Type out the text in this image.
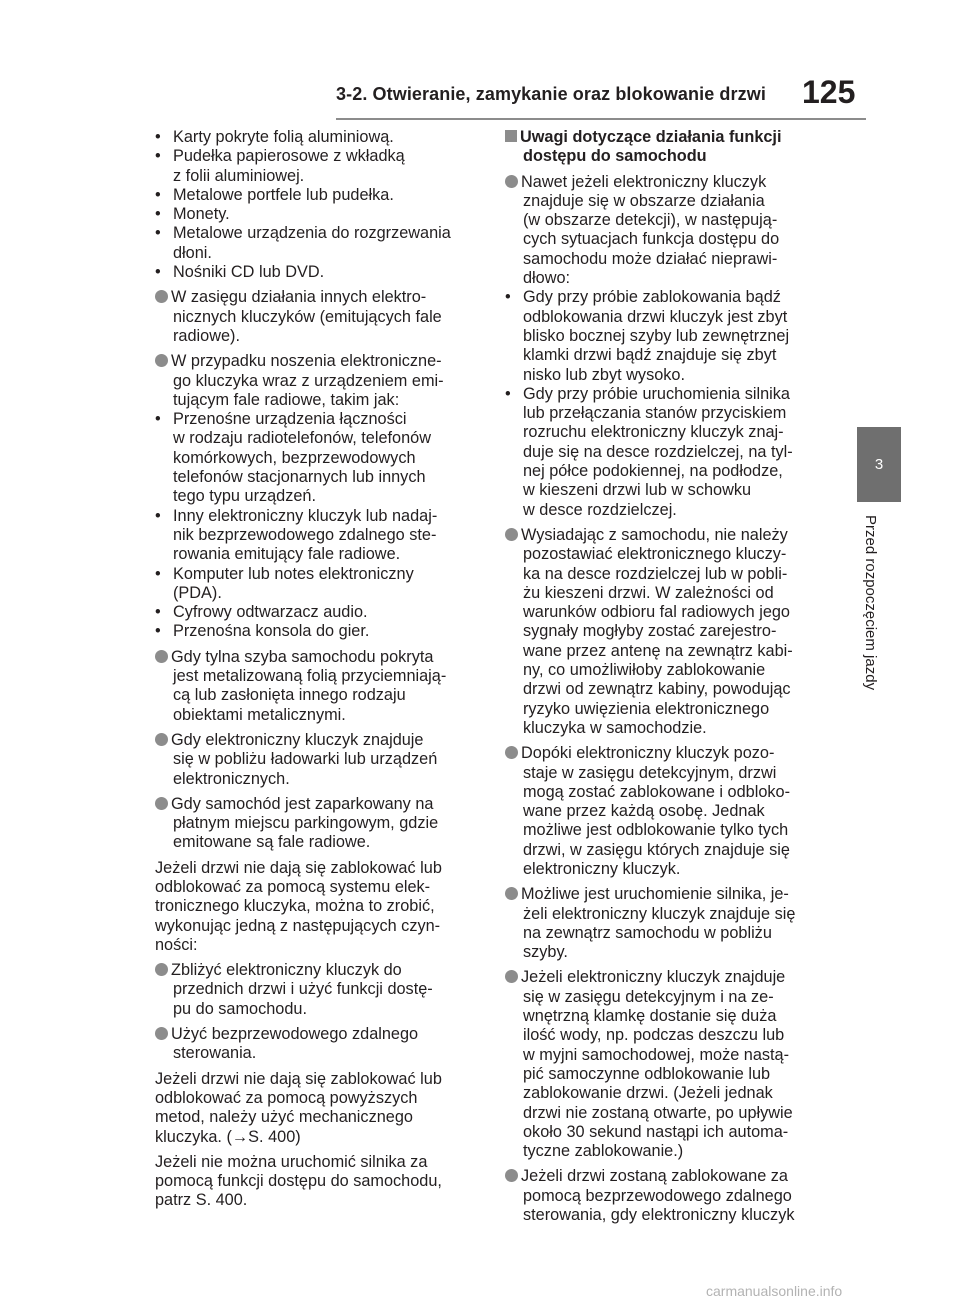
3-2. Otwieranie, zamykanie oraz blokowanie drzwi 125
3
Przed rozpoczęciem jazdy
• Karty pokryte folią aluminiową.
• Pudełka papierosowe z wkładką
z folii aluminiowej.
• Metalowe portfele lub pudełka.
• Monety.
• Metalowe urządzenia do rozgrzewania
dłoni.
• Nośniki CD lub DVD.
W zasięgu działania innych elektro-
nicznych kluczyków (emitujących fale
radiowe).
W przypadku noszenia elektroniczne-
go kluczyka wraz z urządzeniem emi-
tującym fale radiowe, takim jak:
• Przenośne urządzenia łączności
w rodzaju radiotelefonów, telefonów
komórkowych, bezprzewodowych
telefonów stacjonarnych lub innych
tego typu urządzeń.
• Inny elektroniczny kluczyk lub nadaj-
nik bezprzewodowego zdalnego ste-
rowania emitujący fale radiowe.
• Komputer lub notes elektroniczny
(PDA).
• Cyfrowy odtwarzacz audio.
• Przenośna konsola do gier.
Gdy tylna szyba samochodu pokryta
jest metalizowaną folią przyciemniają-
cą lub zasłonięta innego rodzaju
obiektami metalicznymi.
Gdy elektroniczny kluczyk znajduje
się w pobliżu ładowarki lub urządzeń
elektronicznych.
Gdy samochód jest zaparkowany na
płatnym miejscu parkingowym, gdzie
emitowane są fale radiowe.
Jeżeli drzwi nie dają się zablokować lub
odblokować za pomocą systemu elek-
tronicznego kluczyka, można to zrobić,
wykonując jedną z następujących czyn-
ności:
Zbliżyć elektroniczny kluczyk do
przednich drzwi i użyć funkcji dostę-
pu do samochodu.
Użyć bezprzewodowego zdalnego
sterowania.
Jeżeli drzwi nie dają się zablokować lub
odblokować za pomocą powyższych
metod, należy użyć mechanicznego
kluczyka. (→S. 400)
Jeżeli nie można uruchomić silnika za
pomocą funkcji dostępu do samochodu,
patrz S. 400.
Uwagi dotyczące działania funkcji
dostępu do samochodu
Nawet jeżeli elektroniczny kluczyk
znajduje się w obszarze działania
(w obszarze detekcji), w następują-
cych sytuacjach funkcja dostępu do
samochodu może działać nieprawi-
dłowo:
• Gdy przy próbie zablokowania bądź
odblokowania drzwi kluczyk jest zbyt
blisko bocznej szyby lub zewnętrznej
klamki drzwi bądź znajduje się zbyt
nisko lub zbyt wysoko.
• Gdy przy próbie uruchomienia silnika
lub przełączania stanów przyciskiem
rozruchu elektroniczny kluczyk znaj-
duje się na desce rozdzielczej, na tyl-
nej półce podokiennej, na podłodze,
w kieszeni drzwi lub w schowku
w desce rozdzielczej.
Wysiadając z samochodu, nie należy
pozostawiać elektronicznego kluczy-
ka na desce rozdzielczej lub w pobli-
żu kieszeni drzwi. W zależności od
warunków odbioru fal radiowych jego
sygnały mogłyby zostać zarejestro-
wane przez antenę na zewnątrz kabi-
ny, co umożliwiłoby zablokowanie
drzwi od zewnątrz kabiny, powodując
ryzyko uwięzienia elektronicznego
kluczyka w samochodzie.
Dopóki elektroniczny kluczyk pozo-
staje w zasięgu detekcyjnym, drzwi
mogą zostać zablokowane i odbloko-
wane przez każdą osobę. Jednak
możliwe jest odblokowanie tylko tych
drzwi, w zasięgu których znajduje się
elektroniczny kluczyk.
Możliwe jest uruchomienie silnika, je-
żeli elektroniczny kluczyk znajduje się
na zewnątrz samochodu w pobliżu
szyby.
Jeżeli elektroniczny kluczyk znajduje
się w zasięgu detekcyjnym i na ze-
wnętrzną klamkę dostanie się duża
ilość wody, np. podczas deszczu lub
w myjni samochodowej, może nastą-
pić samoczynne odblokowanie lub
zablokowanie drzwi. (Jeżeli jednak
drzwi nie zostaną otwarte, po upływie
około 30 sekund nastąpi ich automa-
tyczne zablokowanie.)
Jeżeli drzwi zostaną zablokowane za
pomocą bezprzewodowego zdalnego
sterowania, gdy elektroniczny kluczyk
carmanualsonline.info
